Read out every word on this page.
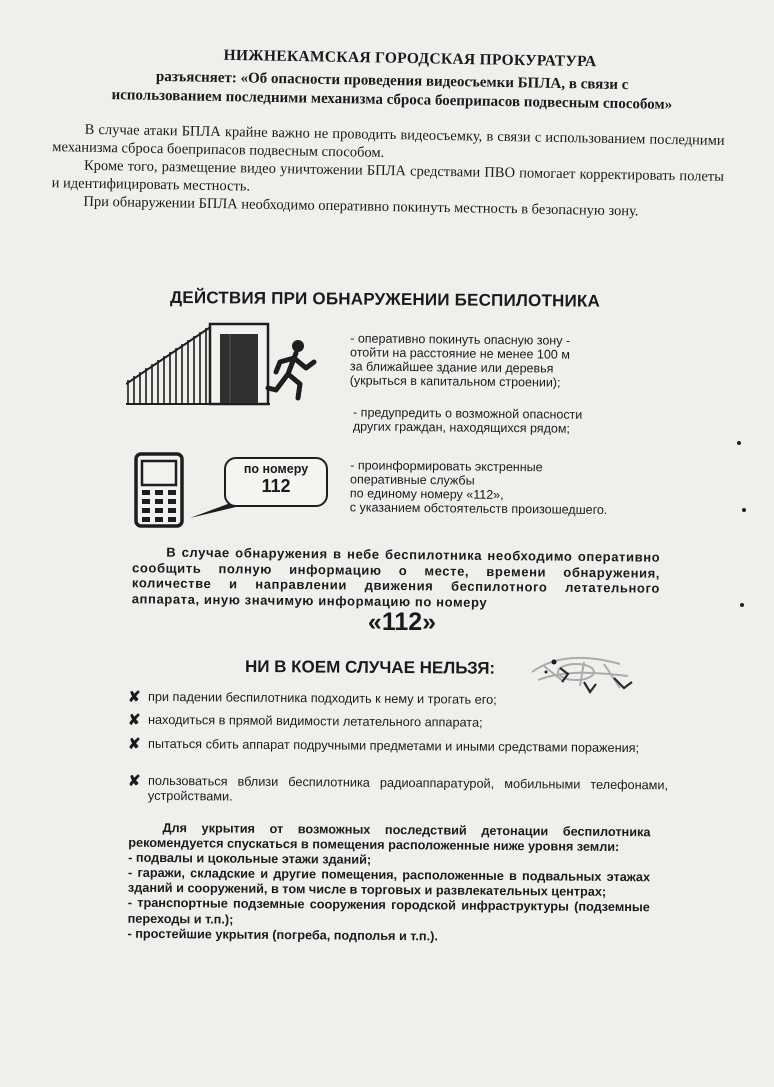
НИЖНЕКАМСКАЯ ГОРОДСКАЯ ПРОКУРАТУРА
разъясняет: «Об опасности проведения видеосъемки БПЛА, в связи с
использованием последними механизма сброса боеприпасов подвесным способом»

В случае атаки БПЛА крайне важно не проводить видеосъемку, в связи с использованием последними механизма сброса боеприпасов подвесным способом.

Кроме того, размещение видео уничтожении БПЛА средствами ПВО помогает корректировать полеты и идентифицировать местность.

При обнаружении БПЛА необходимо оперативно покинуть местность в безопасную зону.

ДЕЙСТВИЯ ПРИ ОБНАРУЖЕНИИ БЕСПИЛОТНИКА
- оперативно покинуть опасную зону -
отойти на расстояние не менее 100 м
за ближайшее здание или деревья
(укрыться в капитальном строении);
- предупредить о возможной опасности
других граждан, находящихся рядом;
по номеру
112
- проинформировать экстренные
оперативные службы
по единому номеру «112»,
с указанием обстоятельств произошедшего.
В случае обнаружения в небе беспилотника необходимо оперативно сообщить полную информацию о месте, времени обнаружения, количестве и направлении движения беспилотного летательного аппарата, иную значимую информацию по номеру
«112»
НИ В КОЕМ СЛУЧАЕ НЕЛЬЗЯ:
✘ при падении беспилотника подходить к нему и трогать его;
✘ находиться в прямой видимости летательного аппарата;
✘ пытаться сбить аппарат подручными предметами и иными средствами поражения;
✘ пользоваться вблизи беспилотника радиоаппаратурой, мобильными телефонами, устройствами.
Для укрытия от возможных последствий детонации беспилотника рекомендуется спускаться в помещения расположенные ниже уровня земли:
- подвалы и цокольные этажи зданий;
- гаражи, складские и другие помещения, расположенные в подвальных этажах зданий и сооружений, в том числе в торговых и развлекательных центрах;
- транспортные подземные сооружения городской инфраструктуры (подземные переходы и т.п.);
- простейшие укрытия (погреба, подполья и т.п.).
